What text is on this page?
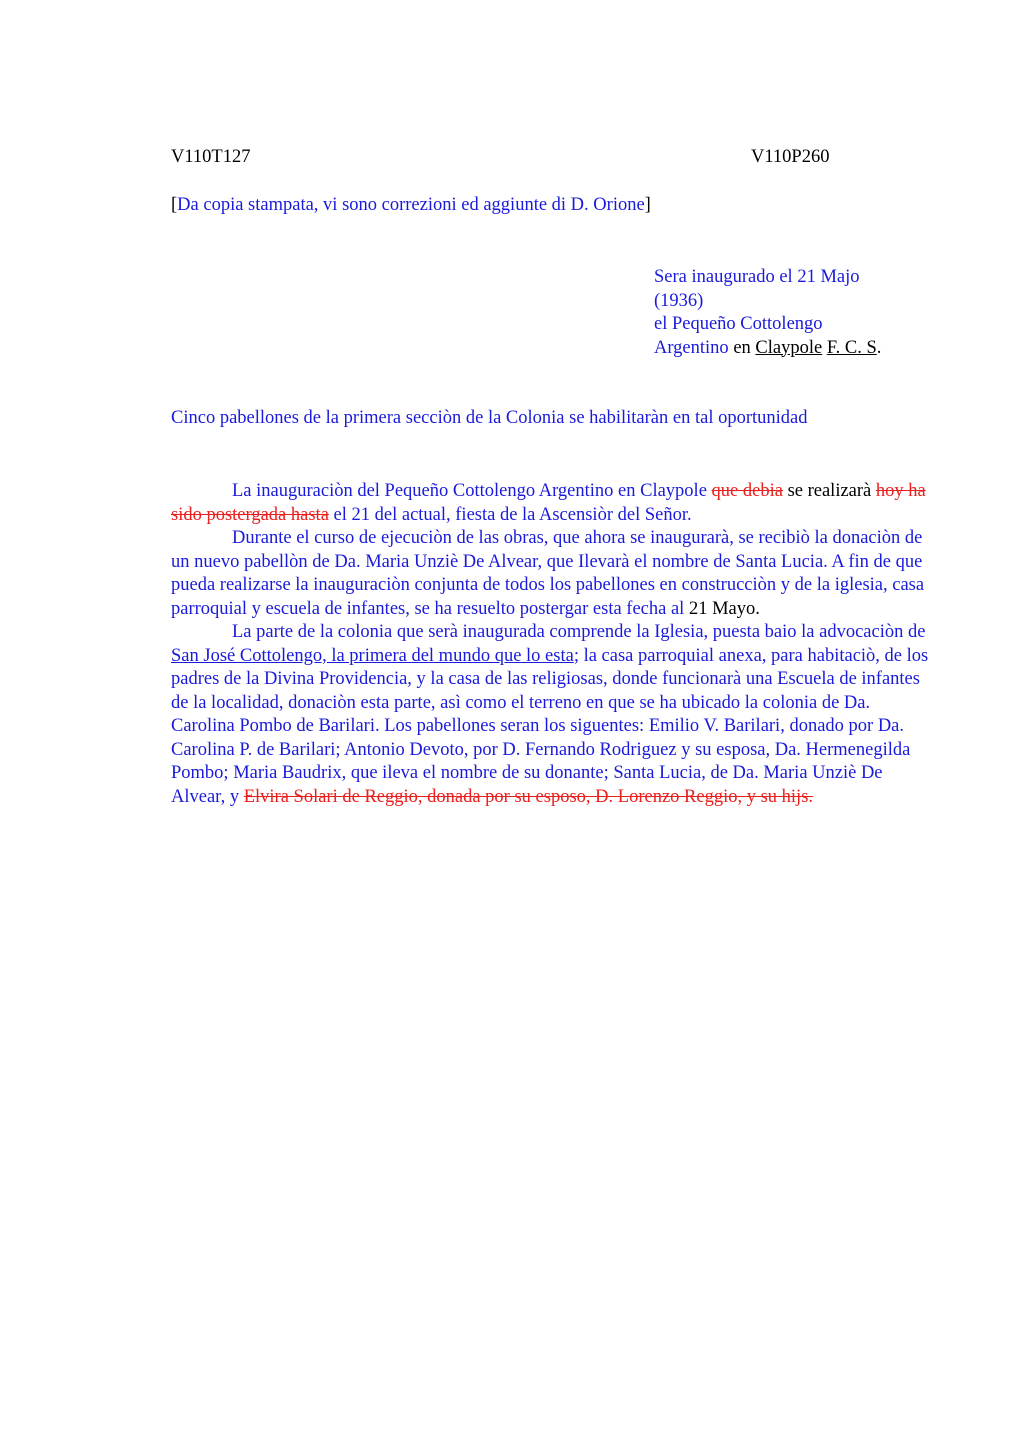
V110T127	V110P260
[Da copia stampata, vi sono correzioni ed aggiunte di D. Orione]
Sera inaugurado el 21 Majo
(1936)
el Pequeño Cottolengo
Argentino en Claypole F. C. S.
Cinco pabellones de la primera secciòn de la Colonia se habilitaràn en tal oportunidad

La inauguraciòn del Pequeño Cottolengo Argentino en Claypole que debia se realizarà hoy ha sido postergada hasta el 21 del actual, fiesta de la Ascensiòr del Señor.

Durante el curso de ejecuciòn de las obras, que ahora se inaugurarà, se recibiò la donaciòn de un nuevo pabellòn de Da. Maria Unziè De Alvear, que Ilevarà el nombre de Santa Lucia. A fin de que pueda realizarse la inauguraciòn conjunta de todos los pabellones en construcciòn y de la iglesia, casa parroquial y escuela de infantes, se ha resuelto postergar esta fecha al 21 Mayo.

La parte de la colonia que serà inaugurada comprende la Iglesia, puesta baio la advocaciòn de San José Cottolengo, la primera del mundo que lo esta; la casa parroquial anexa, para habitaciò, de los padres de la Divina Providencia, y la casa de las religiosas, donde funcionarà una Escuela de infantes de la localidad, donaciòn esta parte, asì como el terreno en que se ha ubicado la colonia de Da. Carolina Pombo de Barilari. Los pabellones seran los siguentes: Emilio V. Barilari, donado por Da. Carolina P. de Barilari; Antonio Devoto, por D. Fernando Rodriguez y su esposa, Da. Hermenegilda Pombo; Maria Baudrix, que ileva el nombre de su donante; Santa Lucia, de Da. Maria Unziè De Alvear, y Elvira Solari de Reggio, donada por su esposo, D. Lorenzo Reggio, y su hijs.
